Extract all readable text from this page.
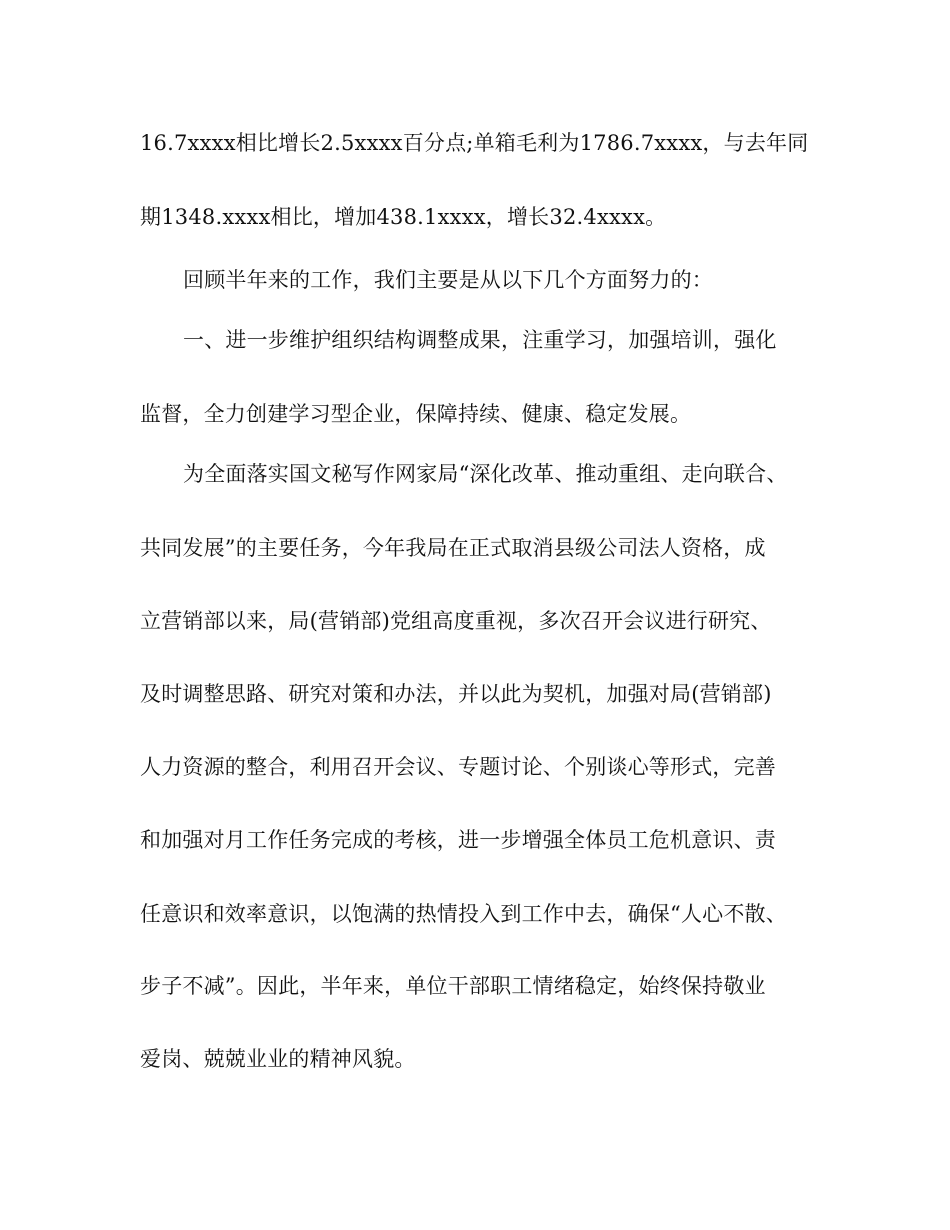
16.7xxxx相比增长2.5xxxx百分点;单箱毛利为1786.7xxxx，与去年同
期1348.xxxx相比，增加438.1xxxx，增长32.4xxxx。
回顾半年来的工作，我们主要是从以下几个方面努力的：
一、进一步维护组织结构调整成果，注重学习，加强培训，强化
监督，全力创建学习型企业，保障持续、健康、稳定发展。
为全面落实国文秘写作网家局“深化改革、推动重组、走向联合、
共同发展”的主要任务，今年我局在正式取消县级公司法人资格，成
立营销部以来，局(营销部)党组高度重视，多次召开会议进行研究、
及时调整思路、研究对策和办法，并以此为契机，加强对局(营销部)
人力资源的整合，利用召开会议、专题讨论、个别谈心等形式，完善
和加强对月工作任务完成的考核，进一步增强全体员工危机意识、责
任意识和效率意识，以饱满的热情投入到工作中去，确保“人心不散、
步子不减”。因此，半年来，单位干部职工情绪稳定，始终保持敬业
爱岗、兢兢业业的精神风貌。
